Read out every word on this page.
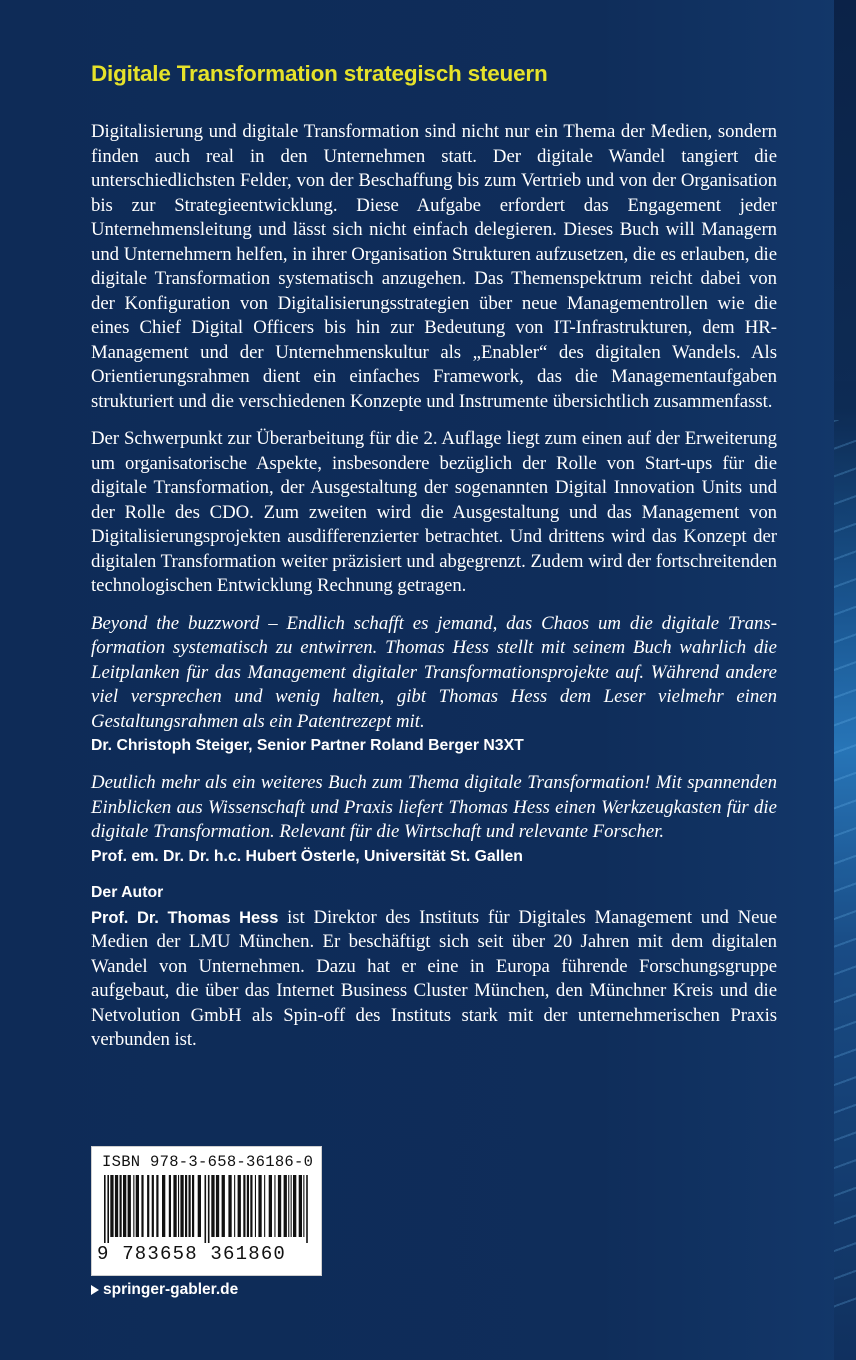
Digitale Transformation strategisch steuern

Digitalisierung und digitale Transformation sind nicht nur ein Thema der Medien, sondern finden auch real in den Unternehmen statt. Der digitale Wandel tangiert die unterschiedlichsten Felder, von der Beschaffung bis zum Vertrieb und von der Organisation bis zur Strategieentwicklung. Diese Aufgabe erfordert das Engagement jeder Unternehmensleitung und lässt sich nicht einfach delegieren. Dieses Buch will Managern und Unternehmern helfen, in ihrer Organisation Strukturen aufzusetzen, die es erlauben, die digitale Transformation systematisch anzugehen. Das Themenspektrum reicht dabei von der Konfiguration von Digitalisierungsstrategien über neue Managementrollen wie die eines Chief Digital Officers bis hin zur Bedeutung von IT-Infrastrukturen, dem HR-Management und der Unternehmenskultur als „Enabler“ des digitalen Wandels. Als Orientierungsrahmen dient ein einfaches Framework, das die Managementaufgaben strukturiert und die verschiedenen Konzepte und Instrumente übersichtlich zusammenfasst.

Der Schwerpunkt zur Überarbeitung für die 2. Auflage liegt zum einen auf der Erweiterung um organisatorische Aspekte, insbesondere bezüglich der Rolle von Start-ups für die digitale Transformation, der Ausgestaltung der sogenannten Digital Innovation Units und der Rolle des CDO. Zum zweiten wird die Ausgestaltung und das Management von Digitalisierungsprojekten ausdifferenzierter betrachtet. Und drittens wird das Konzept der digitalen Transformation weiter präzisiert und abgegrenzt. Zudem wird der fortschreitenden technologischen Entwicklung Rechnung getragen.

Beyond the buzzword – Endlich schafft es jemand, das Chaos um die digitale Transformation systematisch zu entwirren. Thomas Hess stellt mit seinem Buch wahrlich die Leitplanken für das Management digitaler Transformationsprojekte auf. Während andere viel versprechen und wenig halten, gibt Thomas Hess dem Leser vielmehr einen Gestaltungsrahmen als ein Patentrezept mit.

Dr. Christoph Steiger, Senior Partner Roland Berger N3XT

Deutlich mehr als ein weiteres Buch zum Thema digitale Transformation! Mit spannenden Einblicken aus Wissenschaft und Praxis liefert Thomas Hess einen Werkzeugkasten für die digitale Transformation. Relevant für die Wirtschaft und relevante Forscher.

Prof. em. Dr. Dr. h.c. Hubert Österle, Universität St. Gallen

Der Autor

Prof. Dr. Thomas Hess ist Direktor des Instituts für Digitales Management und Neue Medien der LMU München. Er beschäftigt sich seit über 20 Jahren mit dem digitalen Wandel von Unternehmen. Dazu hat er eine in Europa führende Forschungsgruppe aufgebaut, die über das Internet Business Cluster München, den Münchner Kreis und die Netvolution GmbH als Spin-off des Instituts stark mit der unternehmerischen Praxis verbunden ist.

ISBN 978-3-658-36186-0
9 783658 361860
springer-gabler.de
